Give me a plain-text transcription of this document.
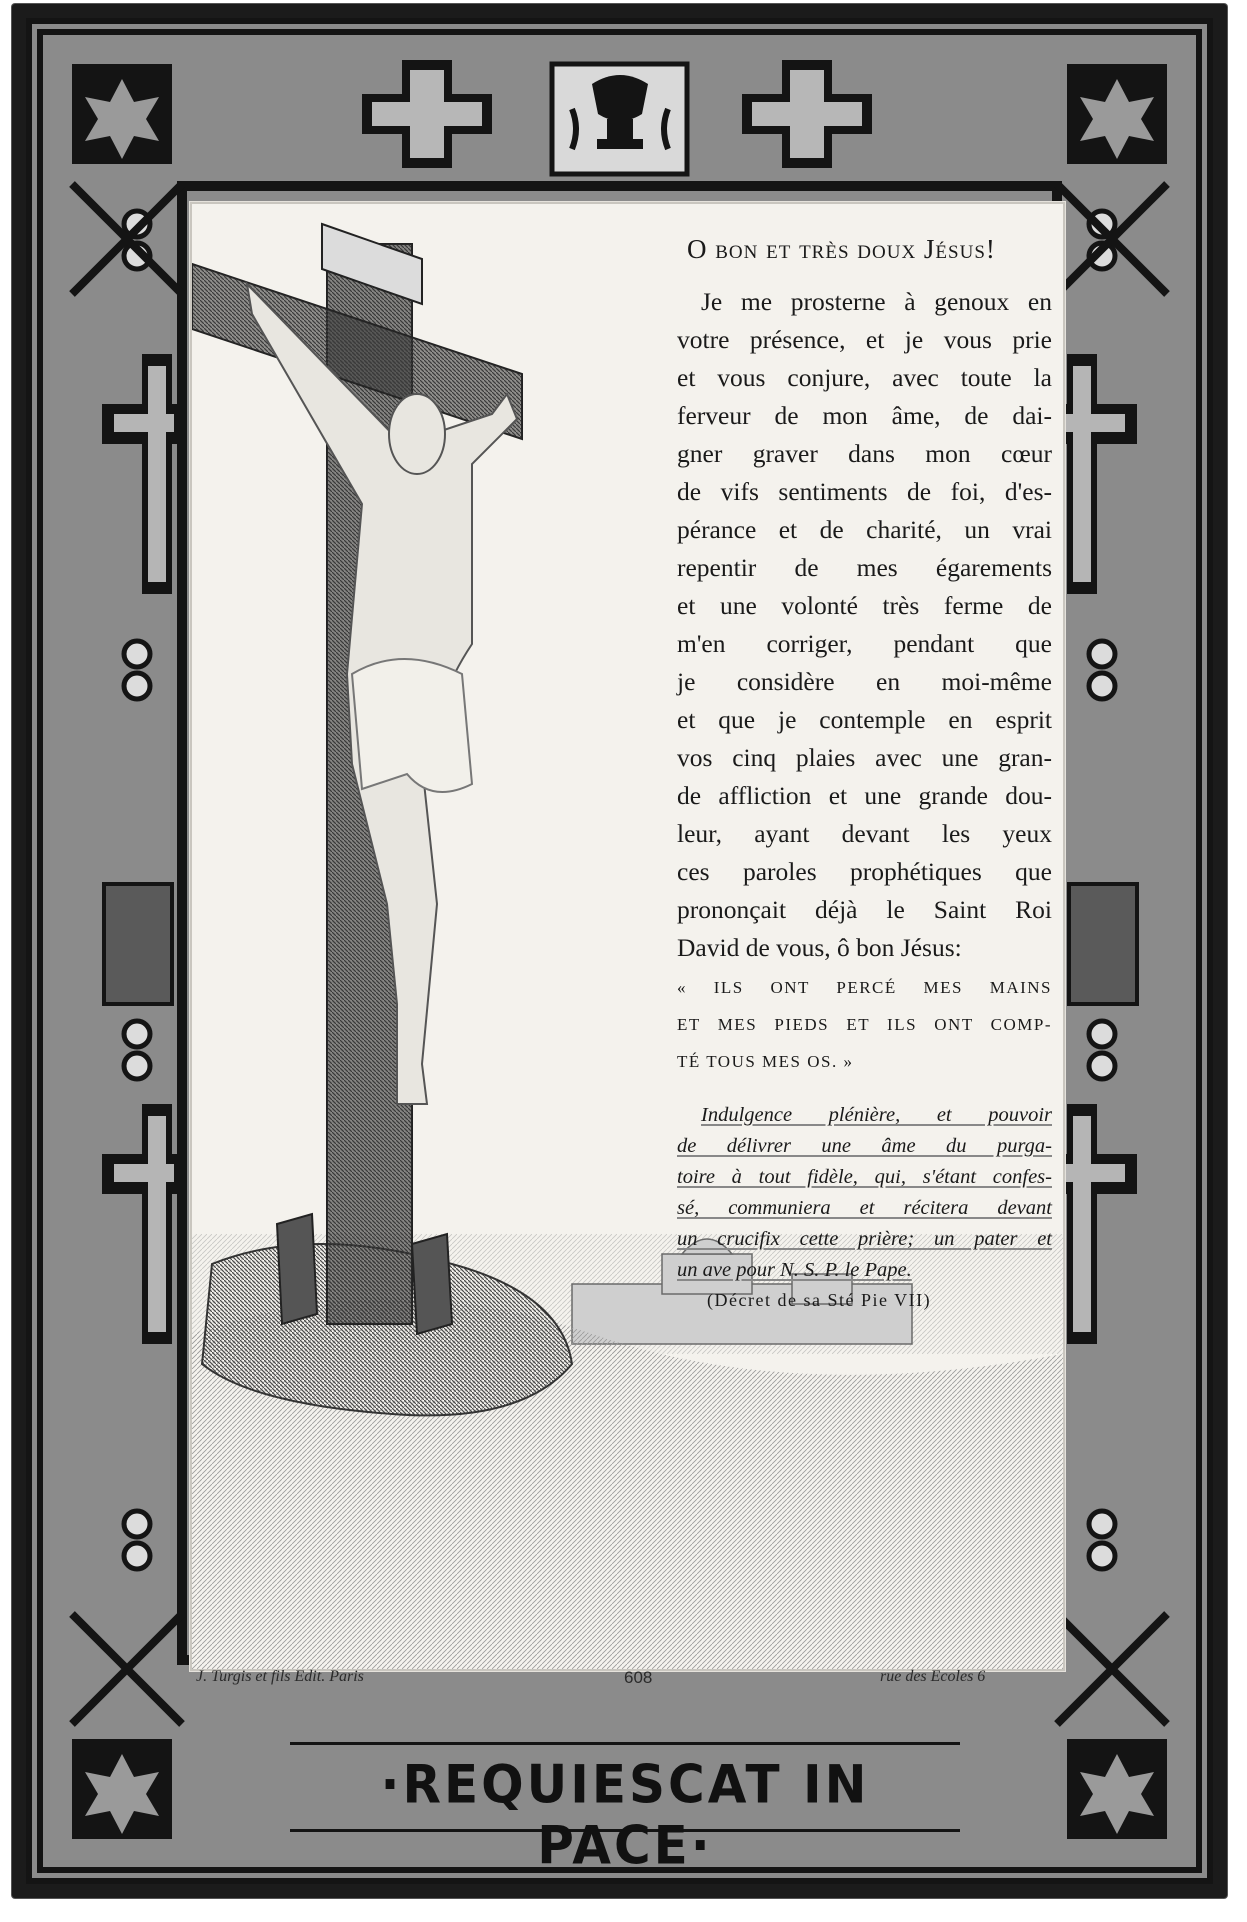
O bon et très doux Jésus!
Je me prosterne à genoux en
votre présence, et je vous prie
et vous conjure, avec toute la
ferveur de mon âme, de dai-
gner graver dans mon cœur
de vifs sentiments de foi, d'es-
pérance et de charité, un vrai
repentir de mes égarements
et une volonté très ferme de
m'en corriger, pendant que
je considère en moi-même
et que je contemple en esprit
vos cinq plaies avec une gran-
de affliction et une grande dou-
leur, ayant devant les yeux
ces paroles prophétiques que
prononçait déjà le Saint Roi
David de vous, ô bon Jésus:
« ILS ONT PERCÉ MES MAINS
ET MES PIEDS ET ILS ONT COMP-
TÉ TOUS MES OS. »
Indulgence plénière, et pouvoir
de délivrer une âme du purga-
toire à tout fidèle, qui, s'étant confes-
sé, communiera et récitera devant
un crucifix cette prière; un pater et
un ave pour N. S. P. le Pape.
(Décret de sa Sté Pie VII)
J. Turgis et fils Edit. Paris	608	rue des Ecoles 6
·REQUIESCAT IN PACE·
